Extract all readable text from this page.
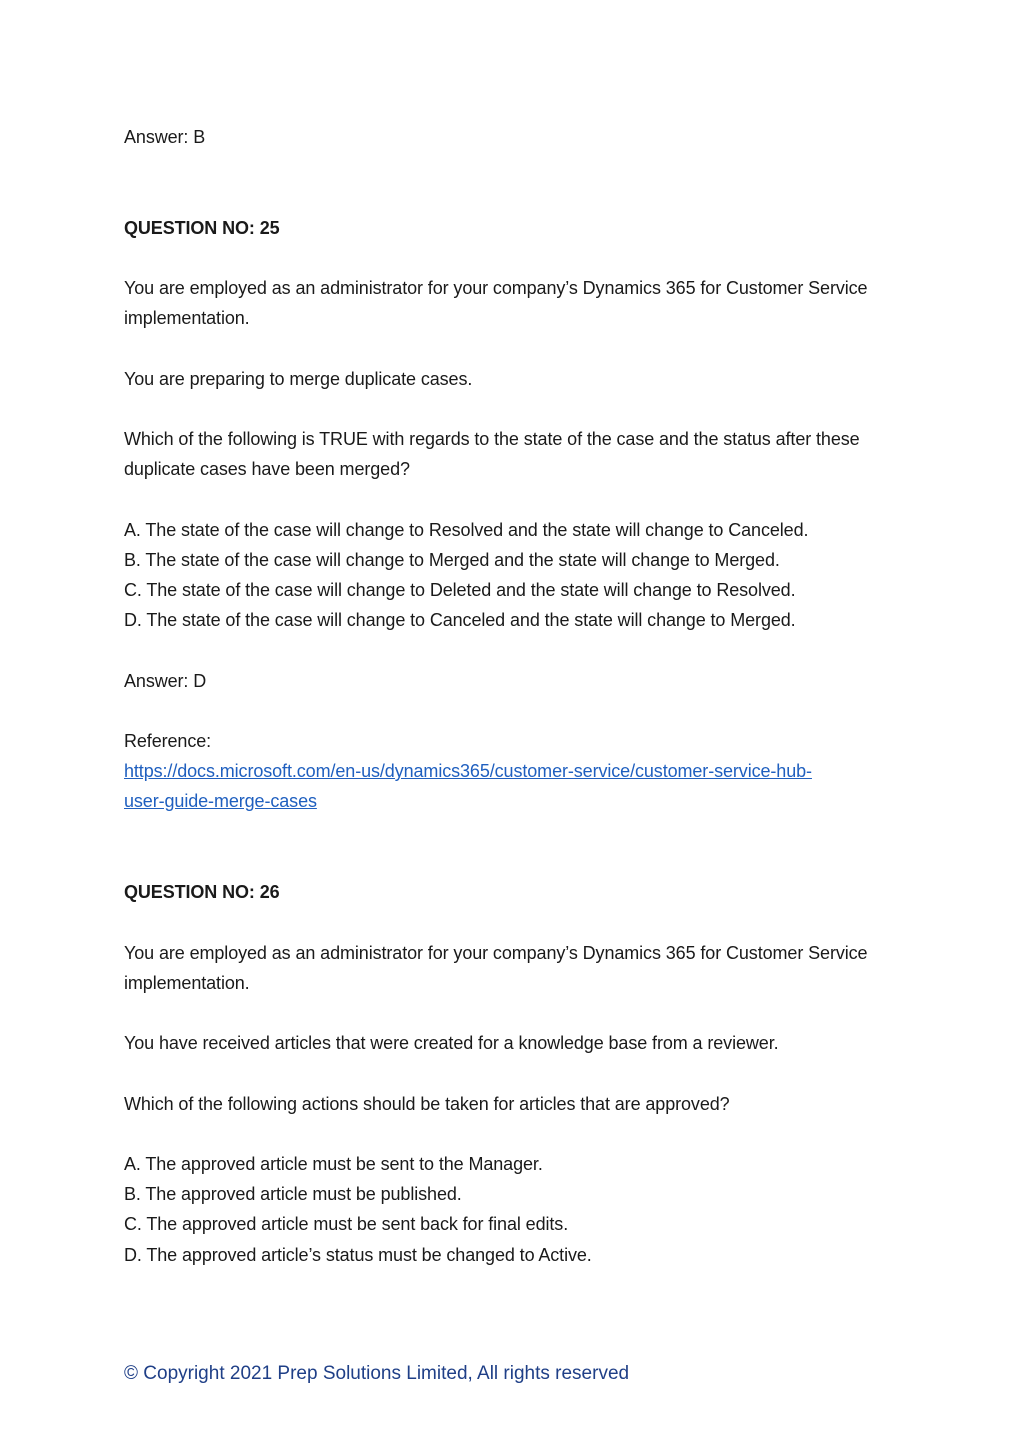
Answer: B
QUESTION NO: 25
You are employed as an administrator for your company’s Dynamics 365 for Customer Service
implementation.
You are preparing to merge duplicate cases.
Which of the following is TRUE with regards to the state of the case and the status after these
duplicate cases have been merged?
A. The state of the case will change to Resolved and the state will change to Canceled.
B. The state of the case will change to Merged and the state will change to Merged.
C. The state of the case will change to Deleted and the state will change to Resolved.
D. The state of the case will change to Canceled and the state will change to Merged.
Answer: D
Reference:
https://docs.microsoft.com/en-us/dynamics365/customer-service/customer-service-hub-
user-guide-merge-cases
QUESTION NO: 26
You are employed as an administrator for your company’s Dynamics 365 for Customer Service
implementation.
You have received articles that were created for a knowledge base from a reviewer.
Which of the following actions should be taken for articles that are approved?
A. The approved article must be sent to the Manager.
B. The approved article must be published.
C. The approved article must be sent back for final edits.
D. The approved article’s status must be changed to Active.
© Copyright 2021 Prep Solutions Limited, All rights reserved
